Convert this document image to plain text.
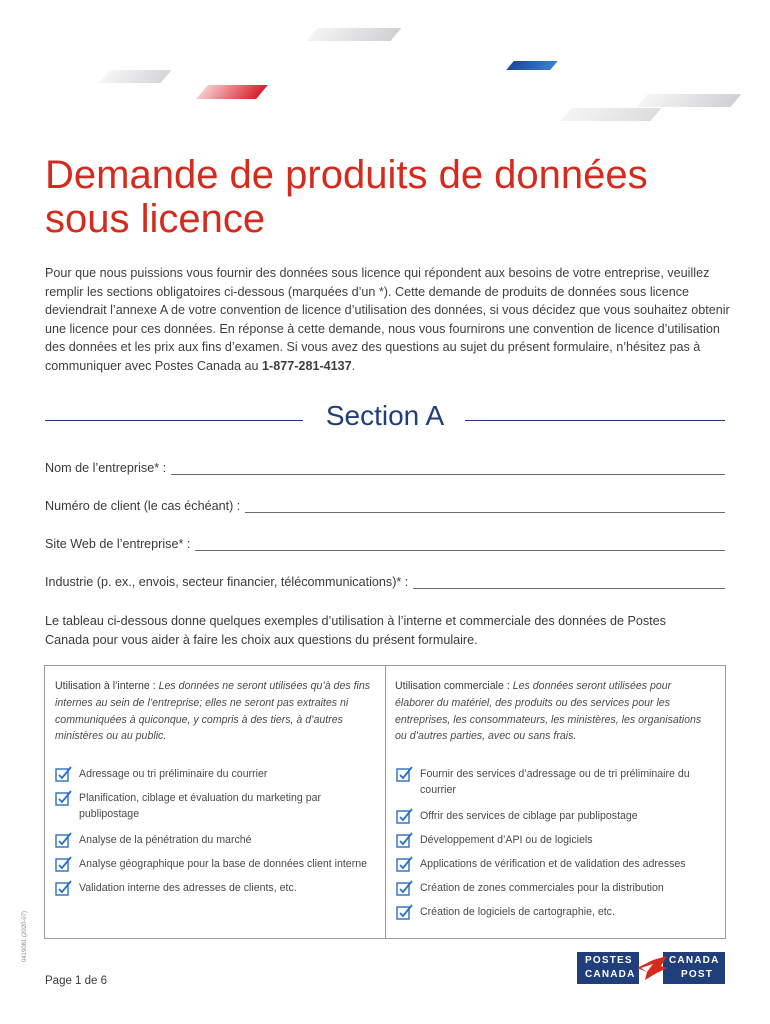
Demande de produits de données
sous licence

Pour que nous puissions vous fournir des données sous licence qui répondent aux besoins de votre entreprise, veuillez remplir les sections obligatoires ci-dessous (marquées d’un *). Cette demande de produits de données sous licence deviendrait l’annexe A de votre convention de licence d’utilisation des données, si vous décidez que vous souhaitez obtenir une licence pour ces données. En réponse à cette demande, nous vous fournirons une convention de licence d’utilisation des données et les prix aux fins d’examen. Si vous avez des questions au sujet du présent formulaire, n’hésitez pas à communiquer avec Postes Canada au 1-877-281-4137.

Section A
Nom de l’entreprise* :
Numéro de client (le cas échéant) :
Site Web de l’entreprise* :
Industrie (p. ex., envois, secteur financier, télécommunications)* :

Le tableau ci-dessous donne quelques exemples d’utilisation à l’interne et commerciale des données de Postes Canada pour vous aider à faire les choix aux questions du présent formulaire.

Utilisation à l’interne : Les données ne seront utilisées qu’à des fins internes au sein de l’entreprise; elles ne seront pas extraites ni communiquées à quiconque, y compris à des tiers, à d’autres ministères ou au public.
Utilisation commerciale : Les données seront utilisées pour élaborer du matériel, des produits ou des services pour les entreprises, les consommateurs, les ministères, les organisations ou d’autres parties, avec ou sans frais.
Adressage ou tri préliminaire du courrier
Planification, ciblage et évaluation du marketing par publipostage
Analyse de la pénétration du marché
Analyse géographique pour la base de données client interne
Validation interne des adresses de clients, etc.
Fournir des services d’adressage ou de tri préliminaire du courrier
Offrir des services de ciblage par publipostage
Développement d’API ou de logiciels
Applications de vérification et de validation des adresses
Création de zones commerciales pour la distribution
Création de logiciels de cartographie, etc.
0419081 (2020-07)
Page 1 de 6
POSTES
CANADA
CANADA
POST
